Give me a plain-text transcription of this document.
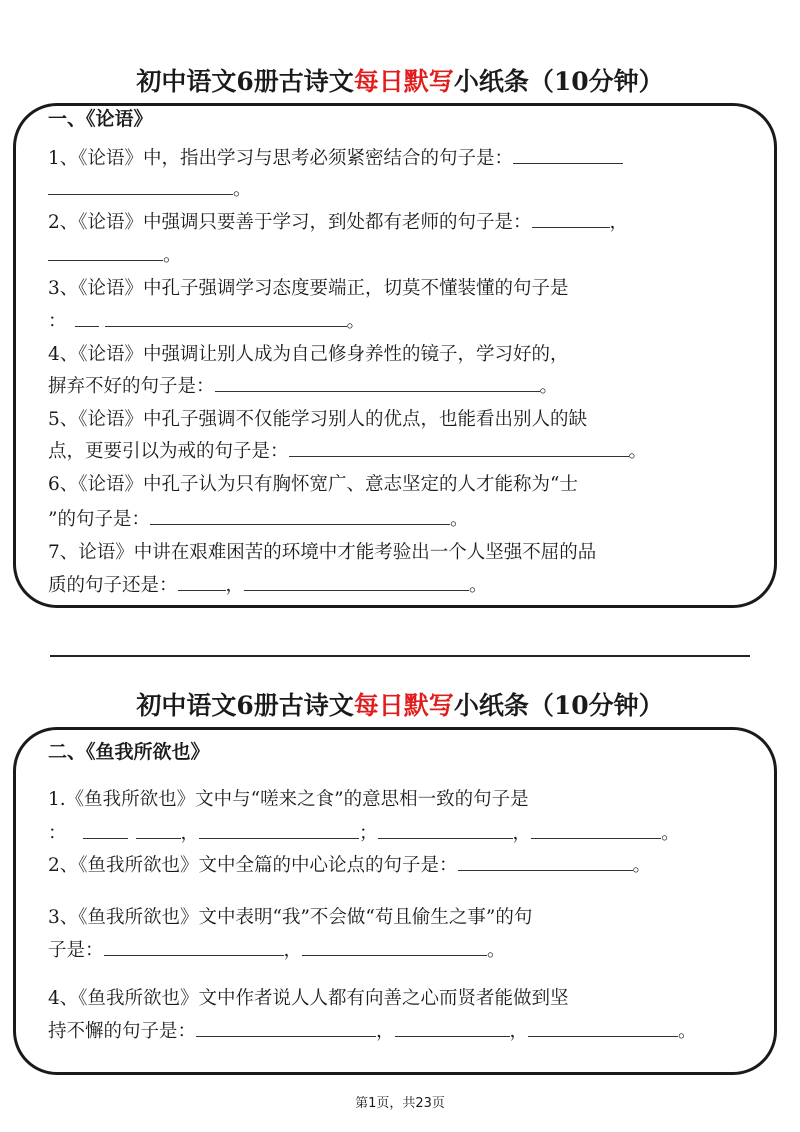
初中语文6册古诗文每日默写小纸条（10分钟）
一、《论语》
1、《论语》中，指出学习与思考必须紧密结合的句子是：
。
2、《论语》中强调只要善于学习，到处都有老师的句子是：	，
。
3、《论语》中孔子强调学习态度要端正，切莫不懂装懂的句子是
：	。
4、《论语》中强调让别人成为自己修身养性的镜子，学习好的，
摒弃不好的句子是：	。
5、《论语》中孔子强调不仅能学习别人的优点，也能看出别人的缺
点，更要引以为戒的句子是：	。
6、《论语》中孔子认为只有胸怀宽广、意志坚定的人才能称为“士
”的句子是：	。
7、论语》中讲在艰难困苦的环境中才能考验出一个人坚强不屈的品
质的句子还是：	，	。
初中语文6册古诗文每日默写小纸条（10分钟）
二、《鱼我所欲也》
1.《鱼我所欲也》文中与“嗟来之食”的意思相一致的句子是
：	，	；	，	。
2、《鱼我所欲也》文中全篇的中心论点的句子是：	。
3、《鱼我所欲也》文中表明“我”不会做“苟且偷生之事”的句
子是：	，	。
4、《鱼我所欲也》文中作者说人人都有向善之心而贤者能做到坚
持不懈的句子是：	，	，	。
第1页，共23页
